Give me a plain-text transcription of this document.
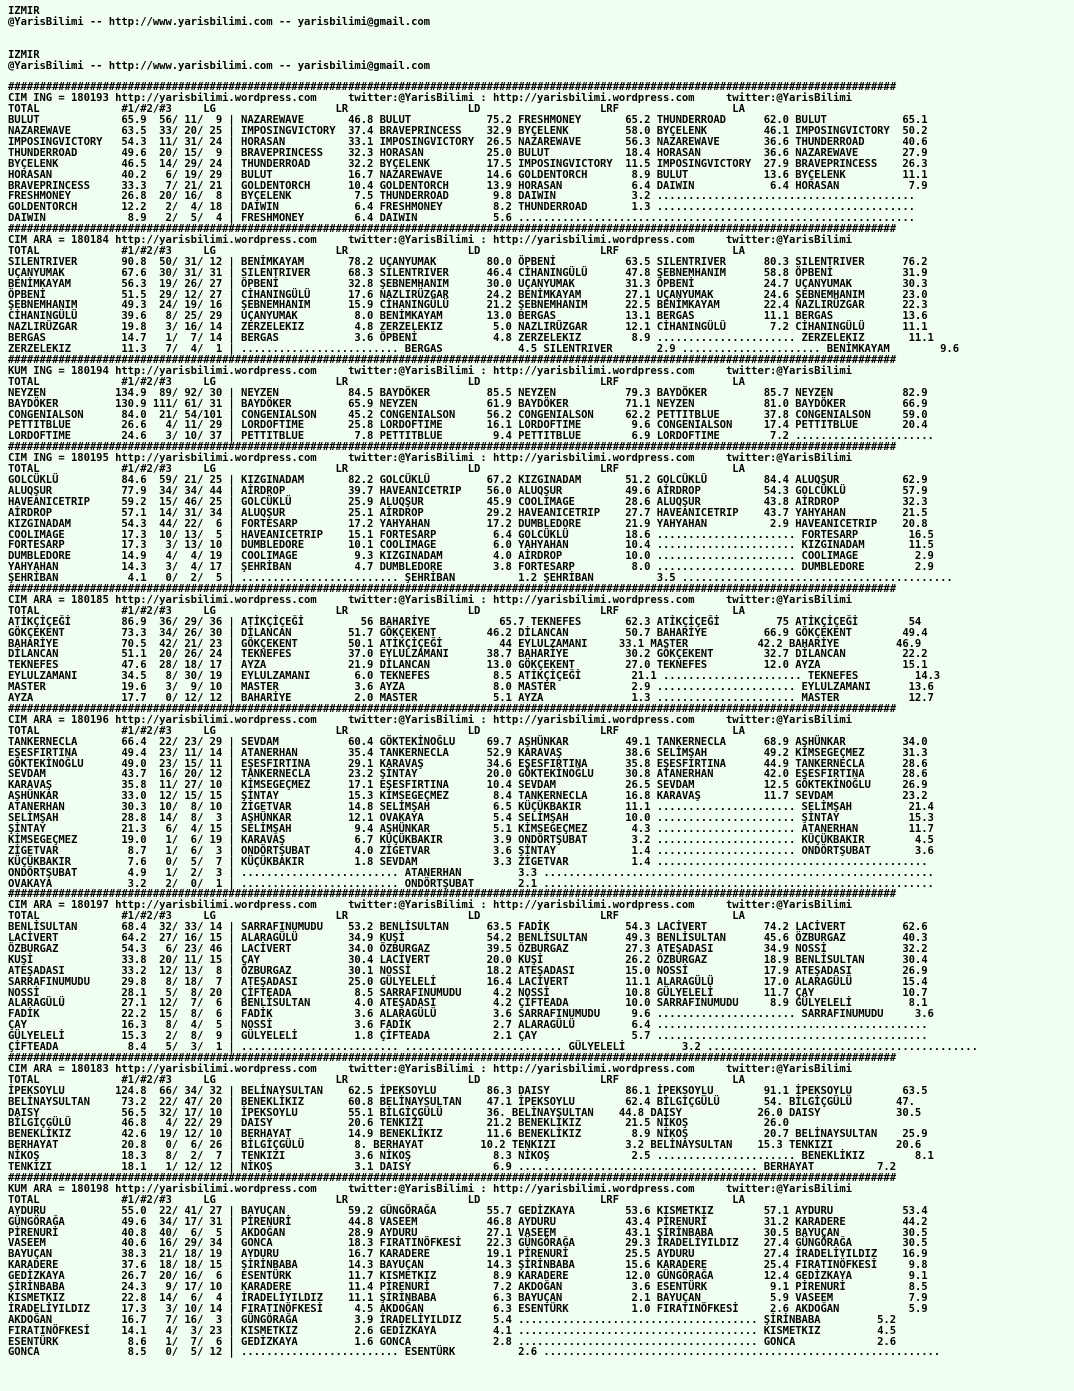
IZMIR
@YarisBilimi -- http://www.yarisbilimi.com -- yarisbilimi@gmail.com

IZMIR
@YarisBilimi -- http://www.yarisbilimi.com -- yarisbilimi@gmail.com

#############################################################################################################################################
CIM ING = 180193 http://yarisbilimi.wordpress.com     twitter:@YarisBilimi : http://yarisbilimi.wordpress.com     twitter:@YarisBilimi
TOTAL             #1/#2/#3     LG                   LR                   LD                   LRF                  LA
BULUT             65.9  56/ 11/  9 | NAZAREWAVE       46.8 BULUT            75.2 FRESHMONEY       65.2 THUNDERROAD      62.0 BULUT            65.1
NAZAREWAVE        63.5  33/ 20/ 25 | IMPOSINGVICTORY  37.4 BRAVEPRINCESS    32.9 BYÇELENK         58.0 BYÇELENK         46.1 IMPOSINGVICTORY  50.2
IMPOSINGVICTORY   54.3  11/ 31/ 24 | HORASAN          33.1 IMPOSINGVICTORY  26.5 NAZAREWAVE       56.3 NAZAREWAVE       36.6 THUNDERROAD      40.6
THUNDERROAD       49.6  20/ 15/  9 | BRAVEPRINCESS    32.3 HORASAN          25.0 BULUT            18.4 HORASAN          36.6 NAZAREWAVE       27.9
BYÇELENK          46.5  14/ 29/ 24 | THUNDERROAD      32.2 BYÇELENK         17.5 IMPOSINGVICTORY  11.5 IMPOSINGVICTORY  27.9 BRAVEPRINCESS    26.3
HORASAN           40.2   6/ 19/ 29 | BULUT            16.7 NAZAREWAVE       14.6 GOLDENTORCH       8.9 BULUT            13.6 BYÇELENK         11.1
BRAVEPRINCESS     33.3   7/ 21/ 21 | GOLDENTORCH      10.4 GOLDENTORCH      13.9 HORASAN           6.4 DAIWIN            6.4 HORASAN           7.9
FRESHMONEY        26.8  20/ 16/  8 | BYÇELENK          7.5 THUNDERROAD       9.8 DAIWIN            3.2 .........................................
GOLDENTORCH       12.2   2/  4/ 18 | DAIWIN            6.4 FRESHMONEY        8.2 THUNDERROAD       1.3 .........................................
DAIWIN             8.9   2/  5/  4 | FRESHMONEY        6.4 DAIWIN            5.6 ...............................................................
#############################################################################################################################################
CIM ARA = 180184 http://yarisbilimi.wordpress.com     twitter:@YarisBilimi : http://yarisbilimi.wordpress.com     twitter:@YarisBilimi
TOTAL             #1/#2/#3     LG                   LR                   LD                   LRF                  LA
SILENTRIVER       90.8  50/ 31/ 12 | BENİMKAYAM       78.2 UÇANYUMAK        80.0 ÖPBENİ           63.5 SILENTRIVER      80.3 SILENTRIVER      76.2
UÇANYUMAK         67.6  30/ 31/ 31 | SILENTRIVER      68.3 SILENTRIVER      46.4 CİHANINGÜLÜ      47.8 ŞEBNEMHANIM      58.8 ÖPBENİ           31.9
BENİMKAYAM        56.3  19/ 26/ 27 | ÖPBENİ           32.8 ŞEBNEMHANIM      30.0 UÇANYUMAK        31.3 ÖPBENİ           24.7 UÇANYUMAK        30.3
ÖPBENİ            51.5  29/ 12/ 27 | CİHANINGÜLÜ      17.6 NAZLIRÜZGAR      24.2 BENİMKAYAM       27.1 UÇANYUMAK        24.6 ŞEBNEMHANIM      23.0
ŞEBNEMHANIM       49.3  24/ 19/ 16 | ŞEBNEMHANIM      15.9 CİHANINGÜLÜ      21.2 ŞEBNEMHANIM      22.5 BENİMKAYAM       22.4 NAZLIRÜZGAR      22.3
CİHANINGÜLÜ       39.6   8/ 25/ 29 | UÇANYUMAK         8.0 BENİMKAYAM       13.0 BERGAS           13.1 BERGAS           11.1 BERGAS           13.6
NAZLIRÜZGAR       19.8   3/ 16/ 14 | ZERZELEKIZ        4.8 ZERZELEKIZ        5.0 NAZLIRÜZGAR      12.1 CİHANINGÜLÜ       7.2 CİHANINGÜLÜ      11.1
BERGAS            14.7   1/  7/ 14 | BERGAS            3.6 ÖPBENİ            4.8 ZERZELEKIZ        8.9 ...................... ZERZELEKIZ       11.1
ZERZELEKIZ        11.3   7/  4/  1 | ......................... BERGAS            4.5 SILENTRIVER       2.9 ...................... BENİMKAYAM        9.6
#############################################################################################################################################
KUM ING = 180194 http://yarisbilimi.wordpress.com     twitter:@YarisBilimi : http://yarisbilimi.wordpress.com     twitter:@YarisBilimi
TOTAL             #1/#2/#3     LG                   LR                   LD                   LRF                  LA
NEYZEN           134.9  89/ 92/ 30 | NEYZEN           84.5 BAYDÖKER         85.5 NEYZEN           79.3 BAYDÖKER         85.7 NEYZEN           82.9
BAYDÖKER         130.9 111/ 61/ 31 | BAYDÖKER         65.9 NEYZEN           61.9 BAYDÖKER         71.1 NEYZEN           81.0 BAYDÖKER         66.9
CONGENIALSON      84.0  21/ 54/101 | CONGENIALSON     45.2 CONGENIALSON     56.2 CONGENIALSON     62.2 PETTITBLUE       37.8 CONGENIALSON     59.0
PETTITBLUE        26.6   4/ 11/ 29 | LORDOFTIME       25.8 LORDOFTIME       16.1 LORDOFTIME        9.6 CONGENIALSON     17.4 PETTITBLUE       20.4
LORDOFTIME        24.6   3/ 10/ 37 | PETTITBLUE        7.8 PETTITBLUE        9.4 PETTITBLUE        6.9 LORDOFTIME        7.2 ......................
#############################################################################################################################################
CIM ING = 180195 http://yarisbilimi.wordpress.com     twitter:@YarisBilimi : http://yarisbilimi.wordpress.com     twitter:@YarisBilimi
TOTAL             #1/#2/#3     LG                   LR                   LD                   LRF                  LA
GOLCÜKLÜ          84.6  59/ 21/ 25 | KIZGINADAM       82.2 GOLCÜKLÜ         67.2 KIZGINADAM       51.2 GOLCÜKLÜ         84.4 ALUQŞUR          62.9
ALUQŞUR           77.9  34/ 34/ 44 | AİRDROP          39.7 HAVEANICETRIP    56.0 ALUQŞUR          49.6 AİRDROP          54.3 GOLCÜKLÜ         57.9
HAVEANICETRIP     59.2  15/ 46/ 25 | GOLCÜKLÜ         25.9 ALUQŞUR          45.9 COOLIMAGE        28.6 ALUQŞUR          43.8 AİRDROP          32.3
AİRDROP           57.1  14/ 31/ 34 | ALUQŞUR          25.1 AİRDROP          29.2 HAVEANICETRIP    27.7 HAVEANICETRIP    43.7 YAHYAHAN         21.5
KIZGINADAM        54.3  44/ 22/  6 | FORTESARP        17.2 YAHYAHAN         17.2 DUMBLEDORE       21.9 YAHYAHAN          2.9 HAVEANICETRIP    20.8
COOLIMAGE         17.3  10/ 13/  5 | HAVEANICETRIP    15.1 FORTESARP         6.4 GOLCÜKLÜ         18.6 ...................... FORTESARP        16.5
FORTESARP         17.3   3/ 13/ 10 | DUMBLEDORE       10.1 COOLIMAGE         6.0 YAHYAHAN         10.4 ...................... KIZGINADAM       11.5
DUMBLEDORE        14.9   4/  4/ 19 | COOLIMAGE         9.3 KIZGINADAM        4.0 AİRDROP          10.0 ...................... COOLIMAGE         2.9
YAHYAHAN          14.3   3/  4/ 17 | ŞEHRİBAN          4.7 DUMBLEDORE        3.8 FORTESARP         8.0 ...................... DUMBLEDORE        2.9
ŞEHRİBAN           4.1   0/  2/  5 | ......................... ŞEHRİBAN          1.2 ŞEHRİBAN          3.5 ...........................................
#############################################################################################################################################
CIM ARA = 180185 http://yarisbilimi.wordpress.com     twitter:@YarisBilimi : http://yarisbilimi.wordpress.com     twitter:@YarisBilimi
TOTAL             #1/#2/#3     LG                   LR                   LD                   LRF                  LA
ATİKÇİÇEĞİ        86.9  36/ 29/ 36 | ATİKÇİÇEĞİ         56 BAHARİYE           65.7 TEKNEFES       62.3 ATİKÇİÇEĞİ         75 ATİKÇİÇEĞİ        54
GÖKÇEKENT         73.3  34/ 26/ 30 | DİLANCAN         51.7 GÖKÇEKENT        46.2 DİLANCAN         50.7 BAHARİYE         66.9 GÖKÇEKENT        49.4
BAHARİYE          70.5  42/ 21/ 23 | GÖKÇEKENT        50.1 ATİKÇİÇEĞİ         44 EYLULZAMANI     33.1 MASTER           42.2 BAHARİYE         46.9
DİLANCAN          51.1  20/ 26/ 24 | TEKNEFES         37.0 EYLULZAMANI      38.7 BAHARİYE         30.2 GÖKÇEKENT        32.7 DİLANCAN         22.2
TEKNEFES          47.6  28/ 18/ 17 | AYZA             21.9 DİLANCAN         13.0 GÖKÇEKENT        27.0 TEKNEFES         12.0 AYZA             15.1
EYLULZAMANI       34.5   8/ 30/ 19 | EYLULZAMANI       6.0 TEKNEFES          8.5 ATİKÇİÇEĞİ        21.1 ...................... TEKNEFES         14.3
MASTER            19.6   3/  9/ 10 | MASTER            3.6 AYZA              8.0 MASTER            2.9 ...................... EYLULZAMANI      13.6
AYZA              17.7   0/ 12/ 12 | BAHARİYE          2.0 MASTER            5.1 AYZA              1.3 ...................... MASTER           12.7
#############################################################################################################################################
CIM ARA = 180196 http://yarisbilimi.wordpress.com     twitter:@YarisBilimi : http://yarisbilimi.wordpress.com     twitter:@YarisBilimi
TOTAL             #1/#2/#3     LG                   LR                   LD                   LRF                  LA
TANKERNECLA       66.4  22/ 23/ 29 | SEVDAM           60.4 GÖKTEKİNOĞLU     69.7 AŞHÜNKAR         49.1 TANKERNECLA      68.9 AŞHÜNKAR         34.0
EŞESFIRTINA       49.4  23/ 11/ 14 | ATANERHAN        35.4 TANKERNECLA      52.9 KARAVAŞ          38.6 SELİMŞAH         49.2 KİMSEGEÇMEZ      31.3
GÖKTEKİNOĞLU      49.0  23/ 15/ 11 | EŞESFIRTINA      29.1 KARAVAŞ          34.6 EŞESFIRTINA      35.8 EŞESFIRTINA      44.9 TANKERNECLA      28.6
SEVDAM            43.7  16/ 20/ 12 | TANKERNECLA      23.2 ŞİNTAY           20.0 GÖKTEKİNOĞLU     30.8 ATANERHAN        42.0 EŞESFIRTINA      28.6
KARAVAŞ           35.8  11/ 27/ 10 | KİMSEGEÇMEZ      17.1 EŞESFIRTINA      10.4 SEVDAM           26.5 SEVDAM           12.5 GÖKTEKİNOĞLU     26.9
AŞHÜNKAR          33.0  12/ 15/ 15 | ŞİNTAY           15.3 KİMSEGEÇMEZ       8.4 TANKERNECLA      16.8 KARAVAŞ          11.7 SEVDAM           23.2
ATANERHAN         30.3  10/  8/ 10 | ZİGETVAR         14.8 SELİMŞAH          6.5 KÜÇÜKBAKIR       11.1 ...................... SELİMŞAH         21.4
SELİMŞAH          28.8  14/  8/  3 | AŞHÜNKAR         12.1 OVAKAYA           5.4 SELİMŞAH         10.0 ...................... ŞİNTAY           15.3
ŞİNTAY            21.3   6/  4/ 15 | SELİMŞAH          9.4 AŞHÜNKAR          5.1 KİMSEGEÇMEZ       4.3 ...................... ATANERHAN        11.7
KİMSEGEÇMEZ       19.0   1/  6/ 19 | KARAVAŞ           6.7 KÜÇÜKBAKIR        3.9 ONDÖRTŞUBAT       3.2 ...................... KÜÇÜKBAKIR        4.5
ZİGETVAR           8.7   1/  6/  3 | ONDÖRTŞUBAT       4.0 ZİGETVAR          3.6 ŞİNTAY            1.4 ...................... ONDÖRTŞUBAT       3.6
KÜÇÜKBAKIR         7.6   0/  5/  7 | KÜÇÜKBAKIR        1.8 SEVDAM            3.3 ZİGETVAR          1.4 ...........................................
ONDÖRTŞUBAT        4.9   1/  2/  3 | ......................... ATANERHAN         3.3 ..............................................................
OVAKAYA            3.2   2/  0/  1 | ......................... ONDÖRTŞUBAT       2.1 ..............................................................
#############################################################################################################################################
CIM ARA = 180197 http://yarisbilimi.wordpress.com     twitter:@YarisBilimi : http://yarisbilimi.wordpress.com     twitter:@YarisBilimi
TOTAL             #1/#2/#3     LG                   LR                   LD                   LRF                  LA
BENLİSULTAN       68.4  32/ 33/ 14 | SARRAFINUMUDU    53.2 BENLİSULTAN      63.5 FADİK            54.3 LACİVERT         74.2 LACİVERT         62.6
LACİVERT          64.2  27/ 16/ 15 | ALARAGÜLÜ        34.9 KUŞİ             54.2 BENLİSULTAN      49.3 BENLİSULTAN      45.6 ÖZBURGAZ         40.3
ÖZBURGAZ          54.3   6/ 23/ 46 | LACİVERT         34.0 ÖZBURGAZ         39.5 ÖZBURGAZ         27.3 ATEŞADASI        34.9 NOSSİ            32.2
KUŞİ              33.8  20/ 11/ 15 | ÇAY              30.4 LACİVERT         20.0 KUŞİ             26.2 ÖZBURGAZ         18.9 BENLİSULTAN      30.4
ATEŞADASI         33.2  12/ 13/  8 | ÖZBURGAZ         30.1 NOSSİ            18.2 ATEŞADASI        15.0 NOSSİ            17.9 ATEŞADASI        26.9
SARRAFINUMUDU     29.8   8/ 18/  7 | ATEŞADASI        25.0 GÜLYELELİ        16.4 LACİVERT         11.1 ALARAGÜLÜ        17.0 ALARAGÜLÜ        15.4
NOSSİ             28.1   5/  8/ 20 | ÇİFTEADA          8.5 SARRAFINUMUDU     4.2 NOSSİ            10.8 GÜLYELELİ        11.7 ÇAY              10.7
ALARAGÜLÜ         27.1  12/  7/  6 | BENLİSULTAN       4.0 ATEŞADASI         4.2 ÇİFTEADA         10.0 SARRAFINUMUDU     8.9 GÜLYELELİ         8.1
FADİK             22.2  15/  8/  6 | FADİK             3.6 ALARAGÜLÜ         3.6 SARRAFINUMUDU     9.6 ...................... SARRAFINUMUDU     3.6
ÇAY               16.3   8/  4/  5 | NOSSİ             3.6 FADİK             2.7 ALARAGÜLÜ         6.4 ...........................................
GÜLYELELİ         15.3   2/  8/  9 | GÜLYELELİ         1.8 ÇİFTEADA          2.1 ÇAY               5.7 ...........................................
ÇİFTEADA           8.4   5/  3/  1 | ......................... ......................... GÜLYELELİ         3.2 ...........................................
#############################################################################################################################################
CIM ARA = 180183 http://yarisbilimi.wordpress.com     twitter:@YarisBilimi : http://yarisbilimi.wordpress.com     twitter:@YarisBilimi
TOTAL             #1/#2/#3     LG                   LR                   LD                   LRF                  LA
İPEKSOYLU        124.8  66/ 34/ 32 | BELİNAYSULTAN    62.5 İPEKSOYLU        86.3 DAISY            86.1 İPEKSOYLU        91.1 İPEKSOYLU        63.5
BELİNAYSULTAN     73.2  22/ 47/ 20 | BENEKLİKIZ       60.8 BELİNAYSULTAN    47.1 İPEKSOYLU        62.4 BİLGİÇGÜLÜ       54. BİLGİÇGÜLÜ       47.
DAISY             56.5  32/ 17/ 10 | İPEKSOYLU        55.1 BİLGİÇGÜLÜ       36. BELİNAYSULTAN    44.8 DAISY            26.0 DAISY            30.5
BİLGİÇGÜLÜ        46.8   4/ 22/ 29 | DAISY            20.6 TENKIZI          21.2 BENEKLİKIZ       21.5 NİKOŞ            26.0
BENEKLİKIZ        42.6  19/ 12/ 10 | BERHAYAT         14.9 BENEKLİKIZ       11.6 BENEKLİKIZ        8.9 NİKOŞ            20.7 BELİNAYSULTAN    25.9
BERHAYAT          20.8   0/  6/ 26 | BİLGİÇGÜLÜ        8. BERHAYAT         10.2 TENKIZI           3.2 BELİNAYSULTAN    15.3 TENKIZI          20.6
NİKOŞ             18.3   8/  2/  7 | TENKIZI           3.6 NİKOŞ             8.3 NİKOŞ             2.5 ...................... BENEKLİKIZ        8.1
TENKIZI           18.1   1/ 12/ 12 | NİKOŞ             3.1 DAISY             6.9 ...................................... BERHAYAT          7.2
#############################################################################################################################################
KUM ARA = 180198 http://yarisbilimi.wordpress.com     twitter:@YarisBilimi : http://yarisbilimi.wordpress.com     twitter:@YarisBilimi
TOTAL             #1/#2/#3     LG                   LR                   LD                   LRF                  LA
AYDURU            55.0  22/ 41/ 27 | BAYUÇAN          59.2 GÜNGÖRAĞA        55.7 GEDİZKAYA        53.6 KISMETKIZ        57.1 AYDURU           53.4
GÜNGÖRAĞA         49.6  34/ 17/ 31 | PİRENURİ         44.8 VASEEM           46.8 AYDURU           43.4 PİRENURİ         31.2 KARADERE         44.2
PİRENURİ          40.8  40/  6/  5 | AKDOĞAN          28.9 AYDURU           27.1 VASEEM           43.1 ŞİRİNBABA        30.5 BAYUÇAN          30.5
VASEEM            40.6  16/ 29/ 34 | GONCA            18.3 FIRATINÖFKESİ    22.3 GÜNGÖRAĞA        29.3 İRADELİYILDIZ    27.4 GÜNGÖRAĞA        30.5
BAYUÇAN           38.3  21/ 18/ 19 | AYDURU           16.7 KARADERE         19.1 PİRENURİ         25.5 AYDURU           27.4 İRADELİYILDIZ    16.9
KARADERE          37.6  18/ 18/ 15 | ŞİRİNBABA        14.3 BAYUÇAN          14.3 ŞİRİNBABA        15.6 KARADERE         25.4 FIRATINÖFKESİ     9.8
GEDİZKAYA         26.7  20/ 16/  6 | ESENTÜRK         11.7 KISMETKIZ         8.9 KARADERE         12.0 GÜNGÖRAĞA        12.4 GEDİZKAYA         9.1
ŞİRİNBABA         24.3   9/ 17/ 10 | KARADERE         11.4 PİRENURİ          7.2 AKDOĞAN           3.6 ESENTÜRK          9.1 PİRENURİ          8.5
KISMETKIZ         22.8  14/  6/  4 | İRADELİYILDIZ    11.1 ŞİRİNBABA         6.3 BAYUÇAN           2.1 BAYUÇAN           5.9 VASEEM            7.9
İRADELİYILDIZ     17.3   3/ 10/ 14 | FIRATINÖFKESİ     4.5 AKDOĞAN           6.3 ESENTÜRK          1.0 FIRATINÖFKESİ     2.6 AKDOĞAN           5.9
AKDOĞAN           16.7   7/ 16/  3 | GÜNGÖRAĞA         3.9 İRADELİYILDIZ     5.4 ...................................... ŞİRİNBABA         5.2
FIRATINÖFKESİ     14.1   4/  3/ 23 | KISMETKIZ         2.6 GEDİZKAYA         4.1 ...................................... KISMETKIZ         4.5
ESENTÜRK           8.6   1/  7/  6 | GEDİZKAYA         1.6 GONCA             2.8 ...................................... GONCA             2.6
GONCA              8.5   0/  5/ 12 | ......................... ESENTÜRK          2.6 ...............................................................
